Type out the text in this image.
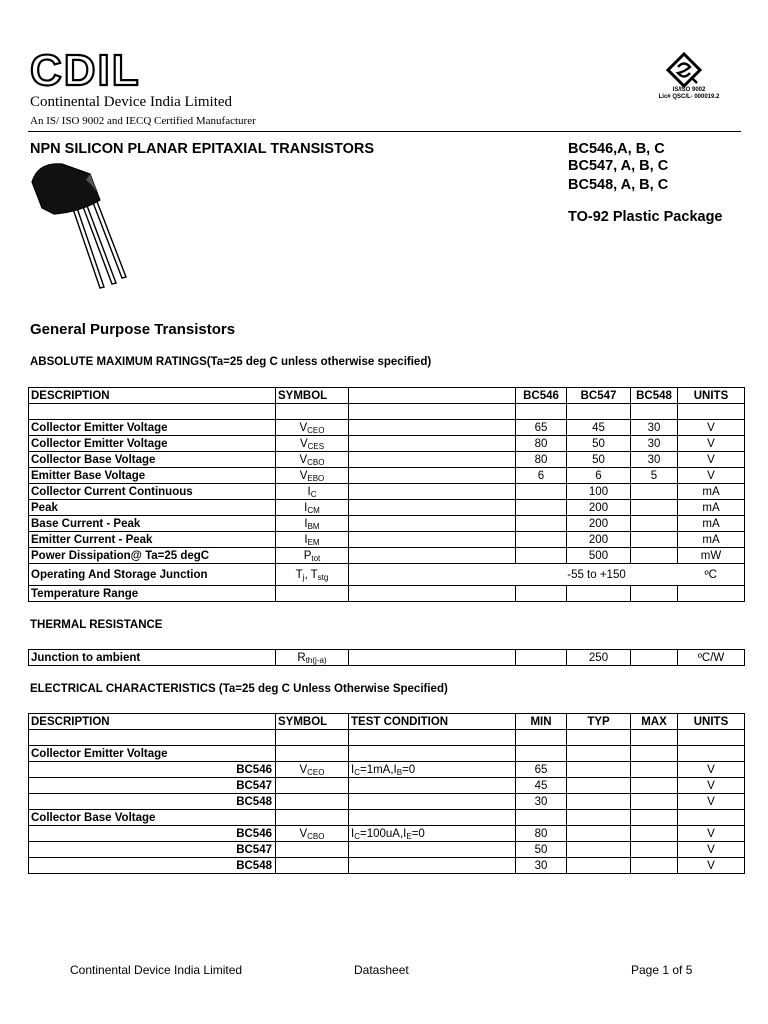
CDIL
Continental Device India Limited
An IS/ ISO 9002 and IECQ Certified Manufacturer
IS/ISO 9002
Lic# QSC/L- 000019.2
NPN SILICON PLANAR EPITAXIAL TRANSISTORS	BC546,A, B, C
BC547, A, B, C
BC548, A, B, C
TO-92 Plastic Package
General Purpose Transistors
ABSOLUTE MAXIMUM RATINGS(Ta=25 deg C unless otherwise specified)
DESCRIPTION	SYMBOL		BC546	BC547	BC548	UNITS

Collector Emitter Voltage	$V_{CEO}$		65	45	30	V
Collector Emitter Voltage	$V_{CES}$		80	50	30	V
Collector Base Voltage	$V_{CBO}$		80	50	30	V
Emitter Base Voltage	$V_{EBO}$		6	6	5	V
Collector Current Continuous	$I_C$			100		mA
Peak	$I_{CM}$			200		mA
Base Current - Peak	$I_{BM}$			200		mA
Emitter Current - Peak	$I_{EM}$			200		mA
Power Dissipation@ Ta=25 degC	$P_{tot}$			500		mW
Operating And Storage Junction	$T_j$, $T_{stg}$		-55 to +150			ºC
Temperature Range						
THERMAL RESISTANCE
Junction to ambient	$R_{th(j-a)}$			250		ºC/W
ELECTRICAL CHARACTERISTICS (Ta=25 deg C Unless Otherwise Specified)
DESCRIPTION	SYMBOL	TEST CONDITION	MIN	TYP	MAX	UNITS

Collector Emitter Voltage						
BC546	$V_{CEO}$	$I_C=1mA,I_B=0$	65			V
BC547			45			V
BC548			30			V
Collector Base Voltage						
BC546	$V_{CBO}$	$I_C=100uA,I_E=0$	80			V
BC547			50			V
BC548			30			V
Continental Device India Limited	Datasheet	Page 1 of 5
